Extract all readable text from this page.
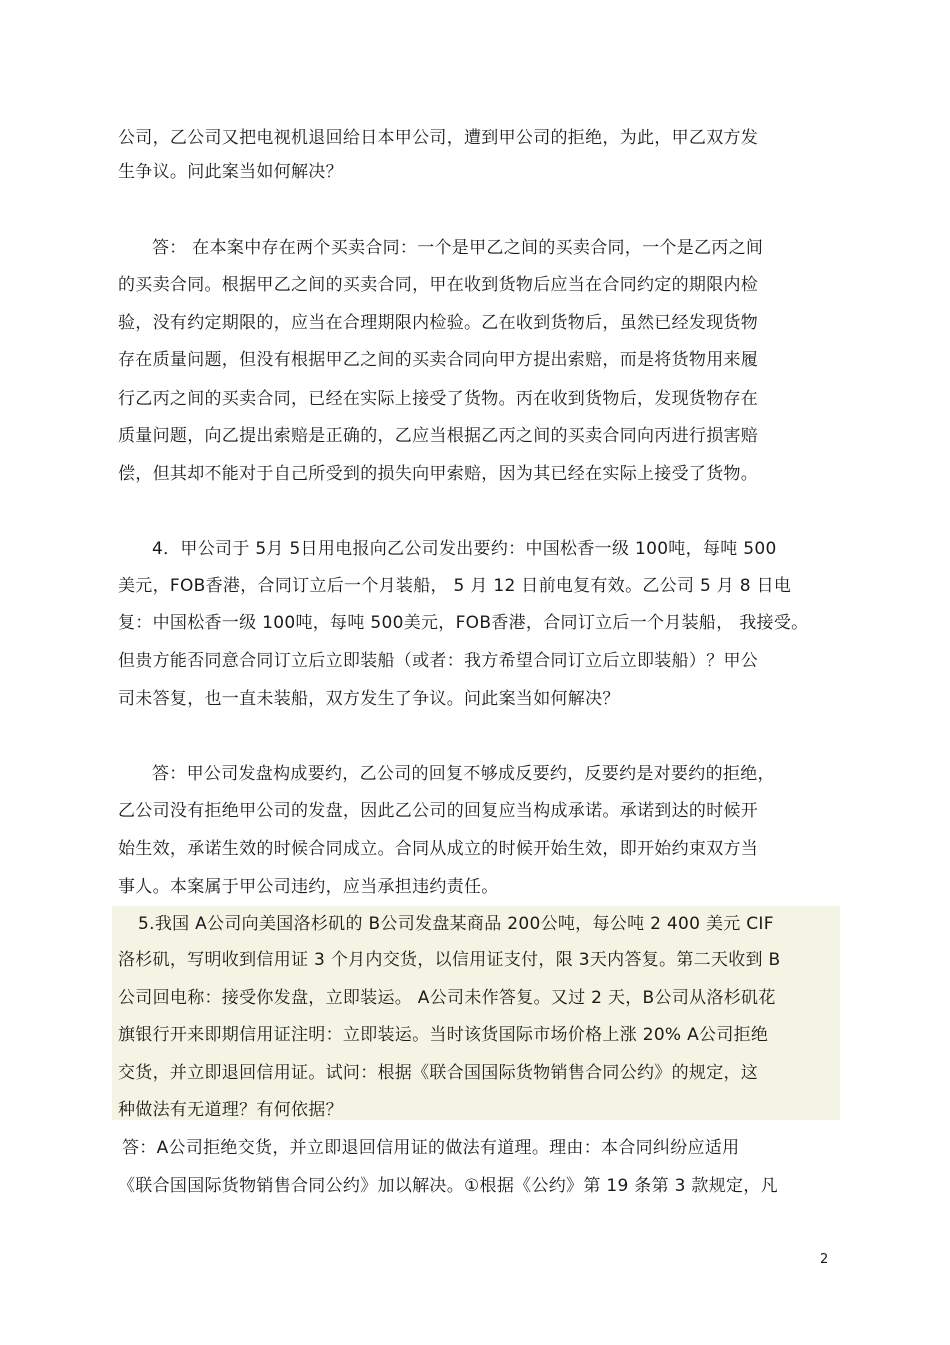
公司，乙公司又把电视机退回给日本甲公司，遭到甲公司的拒绝，为此，甲乙双方发
生争议。问此案当如何解决？
答： 在本案中存在两个买卖合同：一个是甲乙之间的买卖合同，一个是乙丙之间
的买卖合同。根据甲乙之间的买卖合同，甲在收到货物后应当在合同约定的期限内检
验，没有约定期限的，应当在合理期限内检验。乙在收到货物后，虽然已经发现货物
存在质量问题，但没有根据甲乙之间的买卖合同向甲方提出索赔，而是将货物用来履
行乙丙之间的买卖合同，已经在实际上接受了货物。丙在收到货物后，发现货物存在
质量问题，向乙提出索赔是正确的，乙应当根据乙丙之间的买卖合同向丙进行损害赔
偿，但其却不能对于自己所受到的损失向甲索赔，因为其已经在实际上接受了货物。
4．甲公司于 5月 5日用电报向乙公司发出要约：中国松香一级 100吨，每吨 500
美元，FOB香港，合同订立后一个月装船， 5 月 12 日前电复有效。乙公司 5 月 8 日电
复：中国松香一级 100吨，每吨 500美元，FOB香港，合同订立后一个月装船， 我接受。
但贵方能否同意合同订立后立即装船（或者：我方希望合同订立后立即装船）？甲公
司未答复，也一直未装船，双方发生了争议。问此案当如何解决？
答：甲公司发盘构成要约，乙公司的回复不够成反要约，反要约是对要约的拒绝，
乙公司没有拒绝甲公司的发盘，因此乙公司的回复应当构成承诺。承诺到达的时候开
始生效，承诺生效的时候合同成立。合同从成立的时候开始生效，即开始约束双方当
事人。本案属于甲公司违约，应当承担违约责任。
5.我国 A公司向美国洛杉矶的 B公司发盘某商品 200公吨，每公吨 2 400 美元 CIF
洛杉矶，写明收到信用证 3 个月内交货，以信用证支付，限 3天内答复。第二天收到 B
公司回电称：接受你发盘，立即装运。 A公司未作答复。又过 2 天，B公司从洛杉矶花
旗银行开来即期信用证注明：立即装运。当时该货国际市场价格上涨 20% A公司拒绝
交货，并立即退回信用证。试问：根据《联合国国际货物销售合同公约》的规定，这
种做法有无道理？有何依据？
答：A公司拒绝交货，并立即退回信用证的做法有道理。理由：本合同纠纷应适用
《联合国国际货物销售合同公约》加以解决。①根据《公约》第 19 条第 3 款规定，凡
2
